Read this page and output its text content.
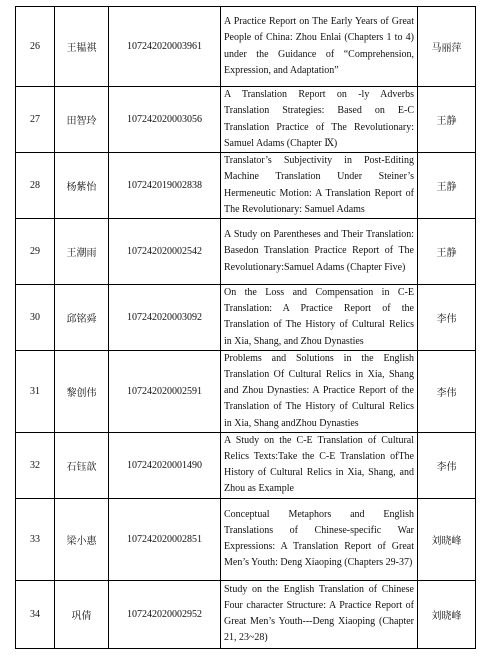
26	王韫祺	107242020003961	A Practice Report on The Early Years of Great People of China: Zhou Enlai (Chapters 1 to 4) under the Guidance of “Comprehension, Expression, and Adaptation”	马丽萍
27	田智玲	107242020003056	A Translation Report on -ly Adverbs Translation Strategies: Based on E-C Translation Practice of The Revolutionary: Samuel Adams (Chapter Ⅸ)	王静
28	杨紫怡	107242019002838	Translator’s Subjectivity in Post-Editing Machine Translation Under Steiner’s Hermeneutic Motion: A Translation Report of The Revolutionary: Samuel Adams	王静
29	王潮雨	107242020002542	A Study on Parentheses and Their Translation: Basedon Translation Practice Report of The Revolutionary:Samuel Adams (Chapter Five)	王静
30	邱铭舜	107242020003092	On the Loss and Compensation in C-E Translation: A Practice Report of the Translation of The History of Cultural Relics in Xia, Shang, and Zhou Dynasties	李伟
31	黎创伟	107242020002591	Problems and Solutions in the English Translation Of Cultural Relics in Xia, Shang and Zhou Dynasties: A Practice Report of the Translation of The History of Cultural Relics in Xia, Shang andZhou Dynasties	李伟
32	石钰歆	107242020001490	A Study on the C-E Translation of Cultural Relics Texts:Take the C-E Translation ofThe History of Cultural Relics in Xia, Shang, and Zhou as Example	李伟
33	梁小惠	107242020002851	Conceptual Metaphors and English Translations of Chinese-specific War Expressions: A Translation Report of Great Men’s Youth: Deng Xiaoping (Chapters 29-37)	刘晓峰
34	巩倩	107242020002952	Study on the English Translation of Chinese Four character Structure: A Practice Report of Great Men’s Youth---Deng Xiaoping (Chapter 21, 23~28)	刘晓峰
